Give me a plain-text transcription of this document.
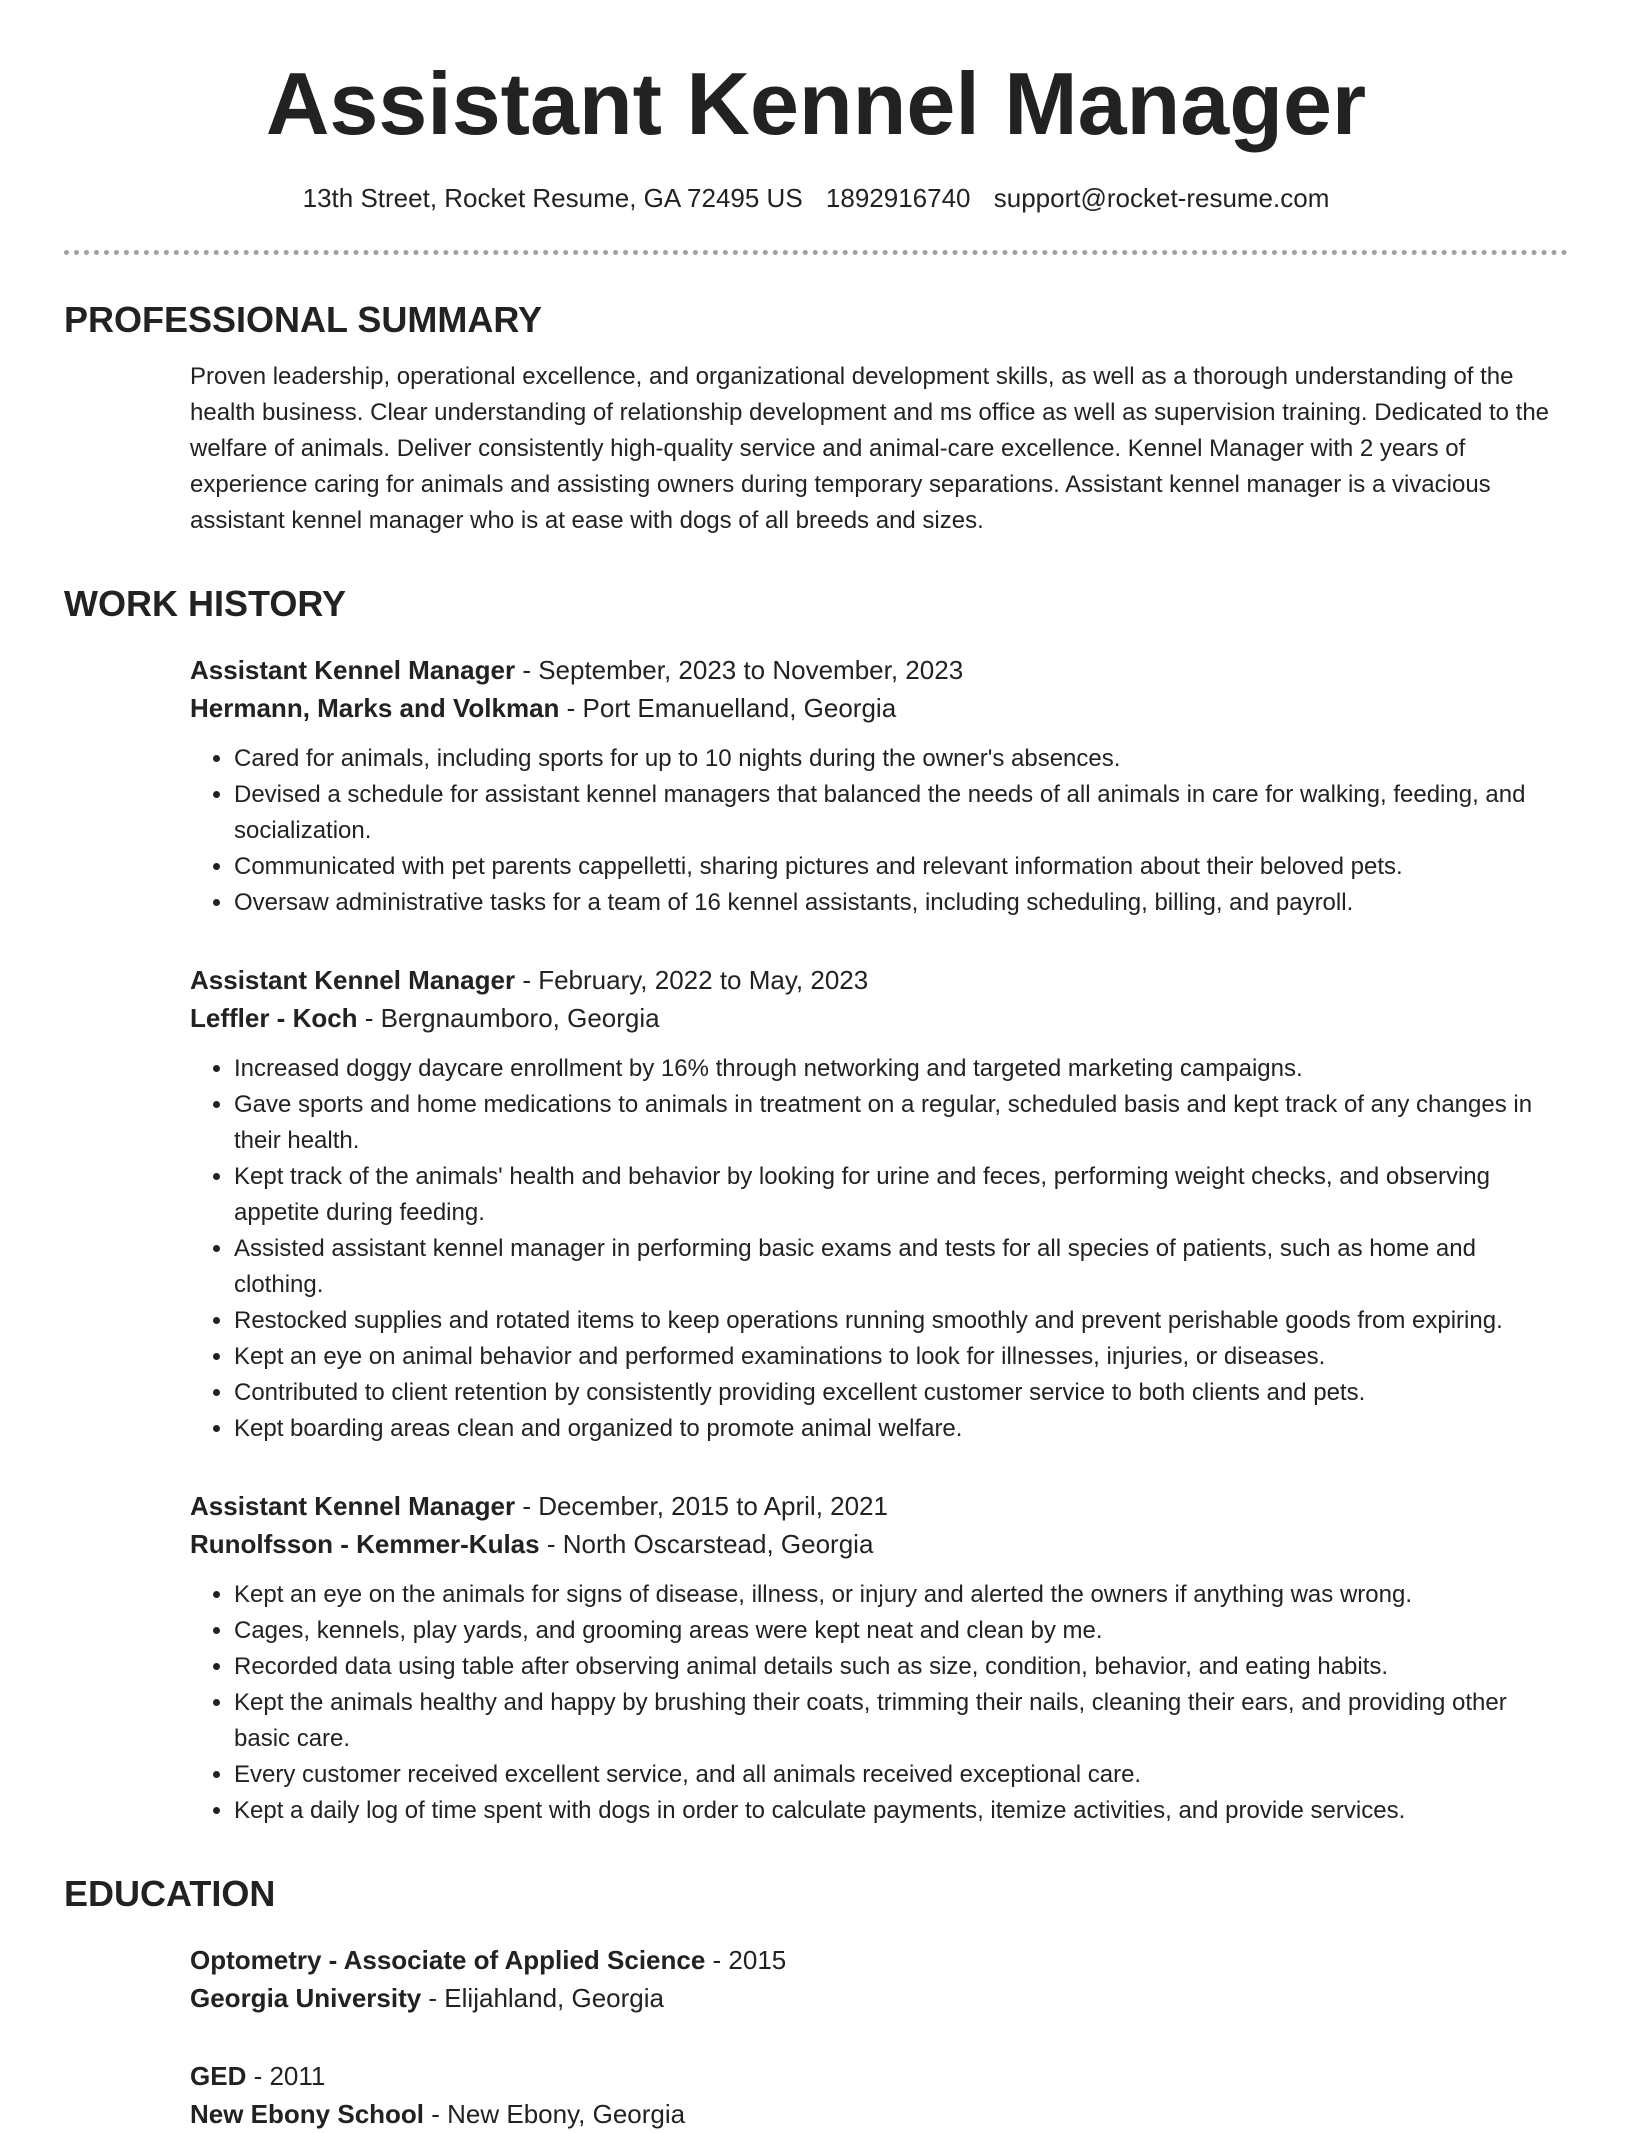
Assistant Kennel Manager
13th Street, Rocket Resume, GA 72495 US 1892916740 support@rocket-resume.com
PROFESSIONAL SUMMARY

Proven leadership, operational excellence, and organizational development skills, as well as a thorough understanding of the health business. Clear understanding of relationship development and ms office as well as supervision training. Dedicated to the welfare of animals. Deliver consistently high-quality service and animal-care excellence. Kennel Manager with 2 years of experience caring for animals and assisting owners during temporary separations. Assistant kennel manager is a vivacious assistant kennel manager who is at ease with dogs of all breeds and sizes.

WORK HISTORY
Assistant Kennel Manager - September, 2023 to November, 2023
Hermann, Marks and Volkman - Port Emanuelland, Georgia
• Cared for animals, including sports for up to 10 nights during the owner's absences.
• Devised a schedule for assistant kennel managers that balanced the needs of all animals in care for walking, feeding, and socialization.
• Communicated with pet parents cappelletti, sharing pictures and relevant information about their beloved pets.
• Oversaw administrative tasks for a team of 16 kennel assistants, including scheduling, billing, and payroll.
Assistant Kennel Manager - February, 2022 to May, 2023
Leffler - Koch - Bergnaumboro, Georgia
• Increased doggy daycare enrollment by 16% through networking and targeted marketing campaigns.
• Gave sports and home medications to animals in treatment on a regular, scheduled basis and kept track of any changes in their health.
• Kept track of the animals' health and behavior by looking for urine and feces, performing weight checks, and observing appetite during feeding.
• Assisted assistant kennel manager in performing basic exams and tests for all species of patients, such as home and clothing.
• Restocked supplies and rotated items to keep operations running smoothly and prevent perishable goods from expiring.
• Kept an eye on animal behavior and performed examinations to look for illnesses, injuries, or diseases.
• Contributed to client retention by consistently providing excellent customer service to both clients and pets.
• Kept boarding areas clean and organized to promote animal welfare.
Assistant Kennel Manager - December, 2015 to April, 2021
Runolfsson - Kemmer-Kulas - North Oscarstead, Georgia
• Kept an eye on the animals for signs of disease, illness, or injury and alerted the owners if anything was wrong.
• Cages, kennels, play yards, and grooming areas were kept neat and clean by me.
• Recorded data using table after observing animal details such as size, condition, behavior, and eating habits.
• Kept the animals healthy and happy by brushing their coats, trimming their nails, cleaning their ears, and providing other basic care.
• Every customer received excellent service, and all animals received exceptional care.
• Kept a daily log of time spent with dogs in order to calculate payments, itemize activities, and provide services.
EDUCATION
Optometry - Associate of Applied Science - 2015
Georgia University - Elijahland, Georgia
GED - 2011
New Ebony School - New Ebony, Georgia
